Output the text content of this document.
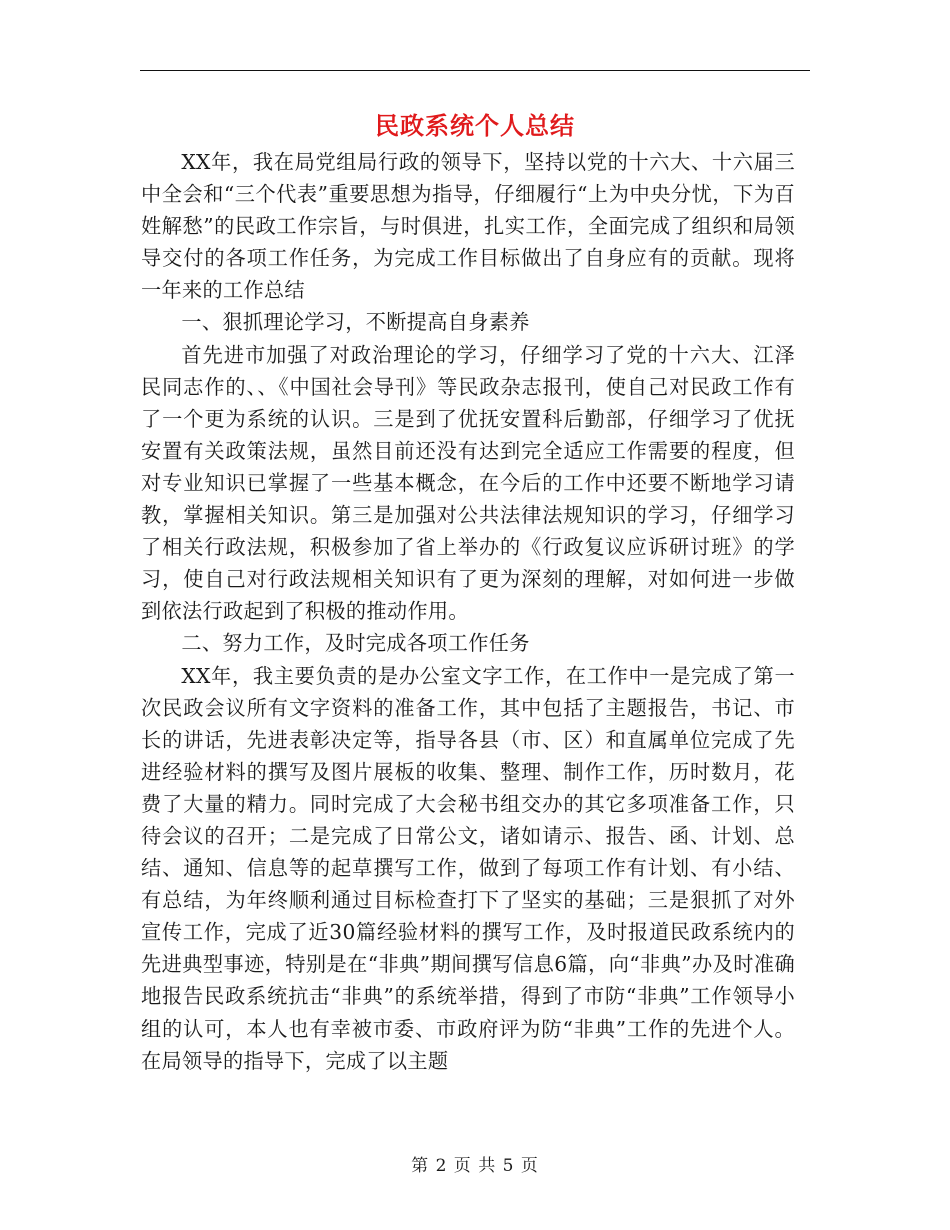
民政系统个人总结

XX年，我在局党组局行政的领导下，坚持以党的十六大、十六届三中全会和“三个代表”重要思想为指导，仔细履行“上为中央分忧，下为百姓解愁”的民政工作宗旨，与时俱进，扎实工作，全面完成了组织和局领导交付的各项工作任务，为完成工作目标做出了自身应有的贡献。现将一年来的工作总结

一、狠抓理论学习，不断提高自身素养

首先进市加强了对政治理论的学习，仔细学习了党的十六大、江泽民同志作的、、《中国社会导刊》等民政杂志报刊，使自己对民政工作有了一个更为系统的认识。三是到了优抚安置科后勤部，仔细学习了优抚安置有关政策法规，虽然目前还没有达到完全适应工作需要的程度，但对专业知识已掌握了一些基本概念，在今后的工作中还要不断地学习请教，掌握相关知识。第三是加强对公共法律法规知识的学习，仔细学习了相关行政法规，积极参加了省上举办的《行政复议应诉研讨班》的学习，使自己对行政法规相关知识有了更为深刻的理解，对如何进一步做到依法行政起到了积极的推动作用。

二、努力工作，及时完成各项工作任务

XX年，我主要负责的是办公室文字工作，在工作中一是完成了第一次民政会议所有文字资料的准备工作，其中包括了主题报告，书记、市长的讲话，先进表彰决定等，指导各县（市、区）和直属单位完成了先进经验材料的撰写及图片展板的收集、整理、制作工作，历时数月，花费了大量的精力。同时完成了大会秘书组交办的其它多项准备工作，只待会议的召开；二是完成了日常公文，诸如请示、报告、函、计划、总结、通知、信息等的起草撰写工作，做到了每项工作有计划、有小结、有总结，为年终顺利通过目标检查打下了坚实的基础；三是狠抓了对外宣传工作，完成了近30篇经验材料的撰写工作，及时报道民政系统内的先进典型事迹，特别是在“非典”期间撰写信息6篇，向“非典”办及时准确地报告民政系统抗击“非典”的系统举措，得到了市防“非典”工作领导小组的认可，本人也有幸被市委、市政府评为防“非典”工作的先进个人。在局领导的指导下，完成了以主题

第 2 页 共 5 页
